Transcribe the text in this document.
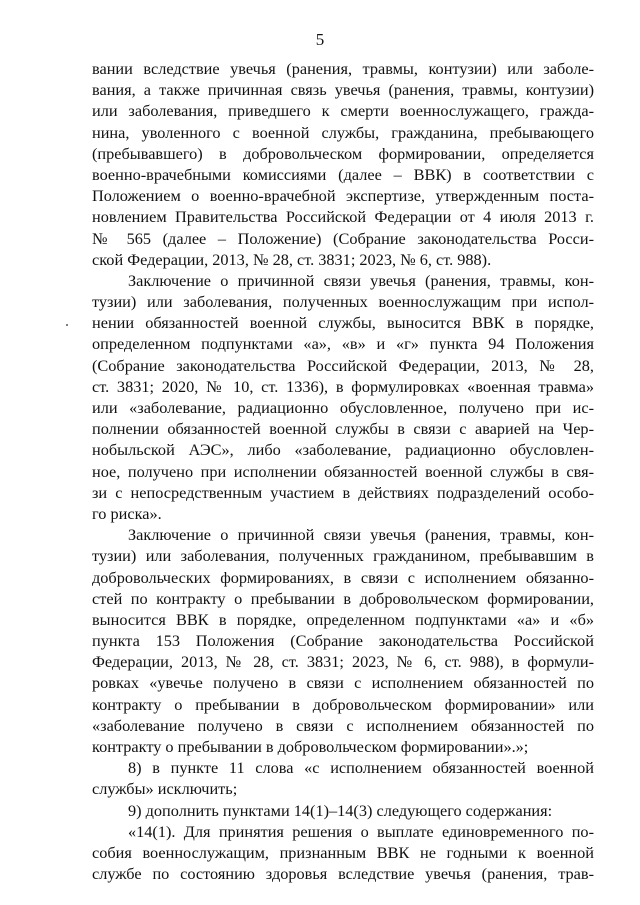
5
вании вследствие увечья (ранения, травмы, контузии) или заболе-
вания, а также причинная связь увечья (ранения, травмы, контузии)
или заболевания, приведшего к смерти военнослужащего, гражда-
нина, уволенного с военной службы, гражданина, пребывающего
(пребывавшего) в добровольческом формировании, определяется
военно-врачебными комиссиями (далее – ВВК) в соответствии с
Положением о военно-врачебной экспертизе, утвержденным поста-
новлением Правительства Российской Федерации от 4 июля 2013 г.
№ 565 (далее – Положение) (Собрание законодательства Росси-
ской Федерации, 2013, № 28, ст. 3831; 2023, № 6, ст. 988).
Заключение о причинной связи увечья (ранения, травмы, кон-
тузии) или заболевания, полученных военнослужащим при испол-
нении обязанностей военной службы, выносится ВВК в порядке,
определенном подпунктами «а», «в» и «г» пункта 94 Положения
(Собрание законодательства Российской Федерации, 2013, № 28,
ст. 3831; 2020, № 10, ст. 1336), в формулировках «военная травма»
или «заболевание, радиационно обусловленное, получено при ис-
полнении обязанностей военной службы в связи с аварией на Чер-
нобыльской АЭС», либо «заболевание, радиационно обусловлен-
ное, получено при исполнении обязанностей военной службы в свя-
зи с непосредственным участием в действиях подразделений особо-
го риска».
Заключение о причинной связи увечья (ранения, травмы, кон-
тузии) или заболевания, полученных гражданином, пребывавшим в
добровольческих формированиях, в связи с исполнением обязанно-
стей по контракту о пребывании в добровольческом формировании,
выносится ВВК в порядке, определенном подпунктами «а» и «б»
пункта 153 Положения (Собрание законодательства Российской
Федерации, 2013, № 28, ст. 3831; 2023, № 6, ст. 988), в формули-
ровках «увечье получено в связи с исполнением обязанностей по
контракту о пребывании в добровольческом формировании» или
«заболевание получено в связи с исполнением обязанностей по
контракту о пребывании в добровольческом формировании».»;
8) в пункте 11 слова «с исполнением обязанностей военной
службы» исключить;
9) дополнить пунктами 14(1)–14(3) следующего содержания:
«14(1). Для принятия решения о выплате единовременного по-
собия военнослужащим, признанным ВВК не годными к военной
службе по состоянию здоровья вследствие увечья (ранения, трав-
